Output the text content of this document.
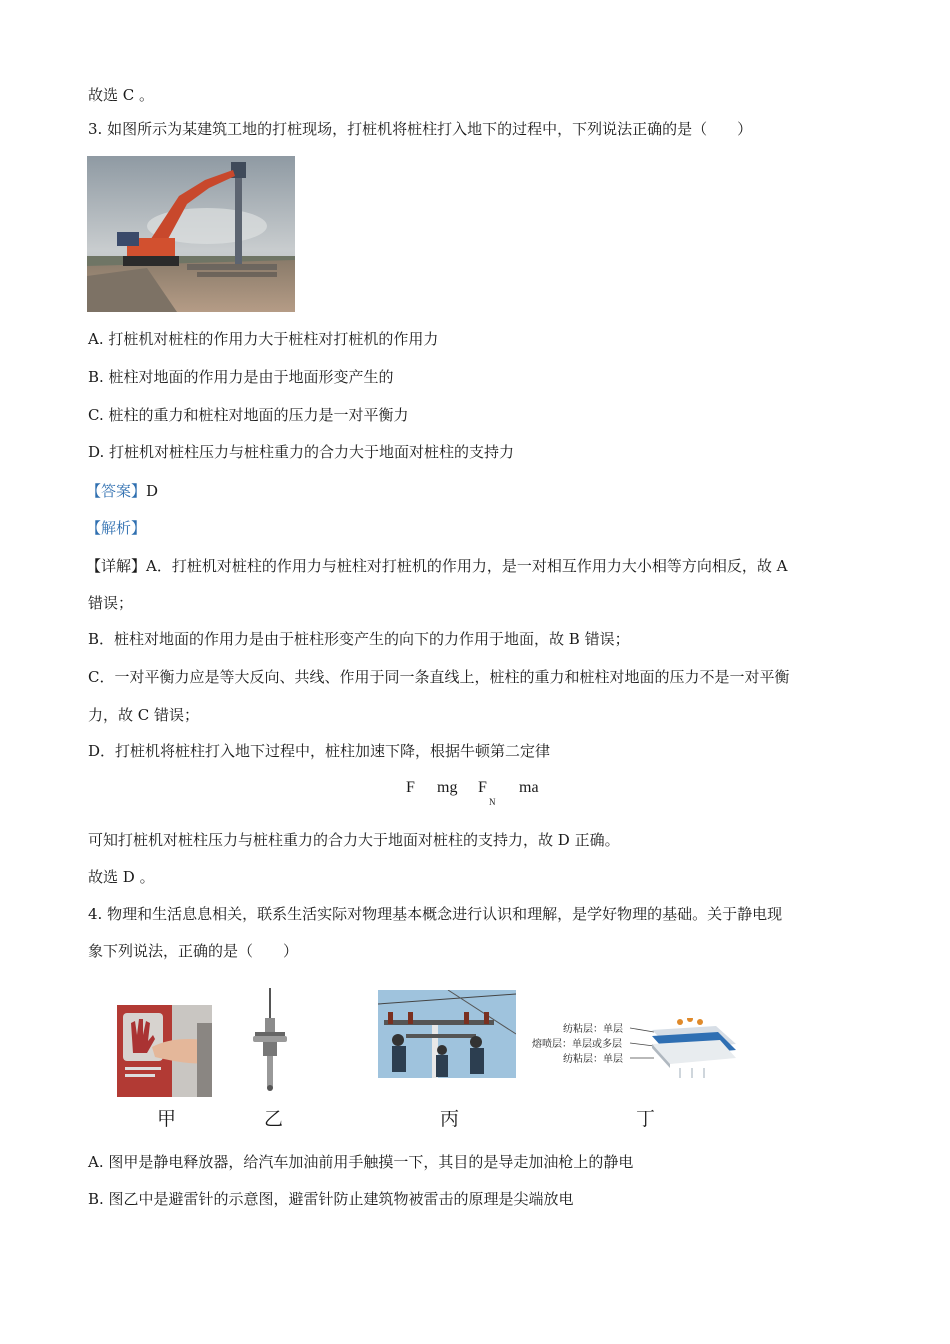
故选 C 。
3. 如图所示为某建筑工地的打桩现场，打桩机将桩柱打入地下的过程中，下列说法正确的是（　　）
A. 打桩机对桩柱的作用力大于桩柱对打桩机的作用力
B. 桩柱对地面的作用力是由于地面形变产生的
C. 桩柱的重力和桩柱对地面的压力是一对平衡力
D. 打桩机对桩柱压力与桩柱重力的合力大于地面对桩柱的支持力
【答案】D
【解析】
【详解】A．打桩机对桩柱的作用力与桩柱对打桩机的作用力，是一对相互作用力大小相等方向相反，故 A
错误；
B．桩柱对地面的作用力是由于桩柱形变产生的向下的力作用于地面，故 B 错误；
C．一对平衡力应是等大反向、共线、作用于同一条直线上，桩柱的重力和桩柱对地面的压力不是一对平衡
力，故 C 错误；
D．打桩机将桩柱打入地下过程中，桩柱加速下降，根据牛顿第二定律
F mg F
N
ma
可知打桩机对桩柱压力与桩柱重力的合力大于地面对桩柱的支持力，故 D 正确。
故选 D 。
4. 物理和生活息息相关，联系生活实际对物理基本概念进行认识和理解，是学好物理的基础。关于静电现
象下列说法，正确的是（　　）
甲	乙	丙
纺粘层：单层
熔喷层：单层或多层
纺粘层：单层
丁
A. 图甲是静电释放器，给汽车加油前用手触摸一下，其目的是导走加油枪上的静电
B. 图乙中是避雷针的示意图，避雷针防止建筑物被雷击的原理是尖端放电
